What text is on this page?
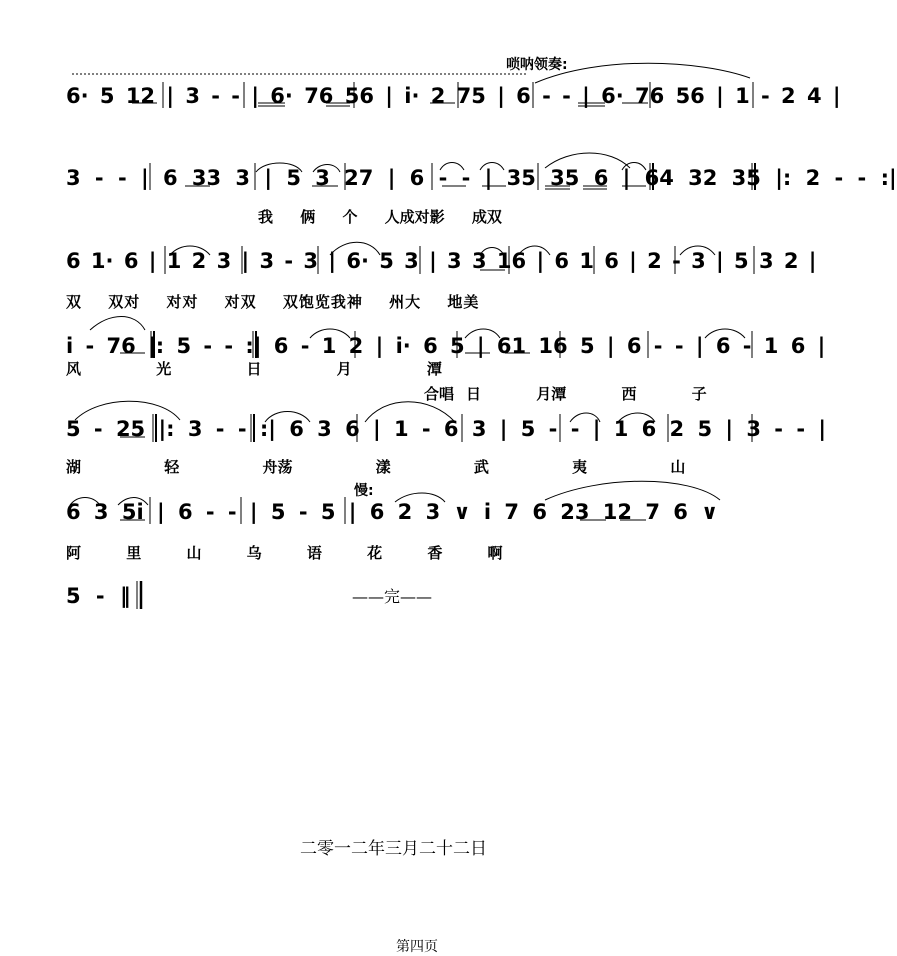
唢呐领奏:
6· 5 12 | 3 - - | 6· 76 56 | i· 2 75 | 6 - - | 6· 76 56 | 1 - 2 4 |
3 - - | 6 33 3 | 5 3 27 | 6 - - | 35 35 6 | 64 32 35 |: 2 - - :|
我 俩 个 人成对影 成双
6 1· 6 | 1 2 3 | 3 - 3 | 6· 5 3 | 3 3 16 | 6 1 6 | 2 - 3 | 5 3 2 |
双 双对 对对 对双 双饱览我神 州大 地美
i - 76 |: 5 - - :| 6 - 1 2 | i· 6 5 | 61 16 5 | 6 - - | 6 - 1 6 |
风 光 日 月 潭
合唱 日 月潭 西 子
5 - 25 |: 3 - - :| 6 3 6 | 1 - 6 3 | 5 - - | 1 6 2 5 | 3 - - |
湖 轻 舟荡 漾 武 夷 山
慢:
6 3 5i | 6 - - | 5 - 5 | 6 2 3 ∨ i 7 6 23 12 7 6 ∨
阿 里 山 乌 语 花 香 啊
5 - ‖	——完——
二零一二年三月二十二日
第四页
